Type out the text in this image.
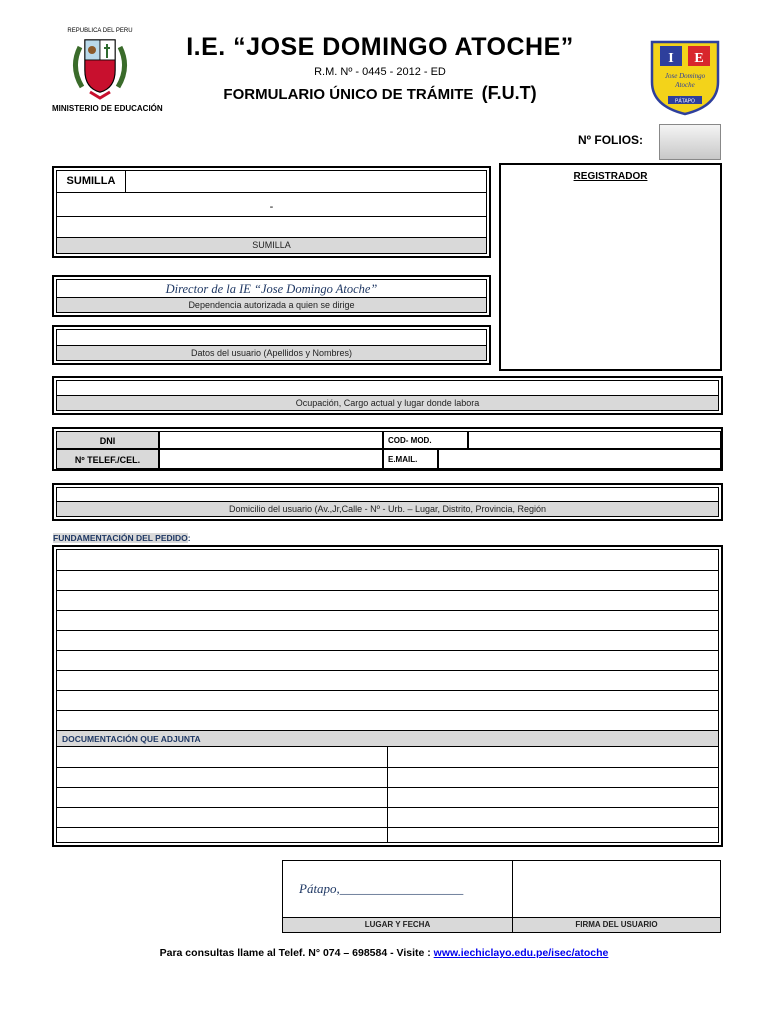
REPUBLICA DEL PERU
MINISTERIO DE EDUCACIÓN
I.E. “JOSE DOMINGO ATOCHE”
R.M. Nº - 0445 - 2012 - ED
FORMULARIO ÚNICO DE TRÁMITE (F.U.T)
I E
Jose Domingo
Atoche
PÁTAPO
Nº FOLIOS:
REGISTRADOR
SUMILLA
-
SUMILLA
Director de la IE “Jose Domingo Atoche”
Dependencia autorizada a quien se dirige
Datos del usuario (Apellidos y Nombres)
Ocupación, Cargo actual y lugar donde labora
DNI	COD- MOD.
Nº TELEF./CEL.	E.MAIL.
Domicilio del usuario (Av.,Jr,Calle - Nº - Urb. – Lugar, Distrito, Provincia, Región
FUNDAMENTACIÓN DEL PEDIDO:
DOCUMENTACIÓN QUE ADJUNTA
Pátapo,___________________
LUGAR Y FECHA	FIRMA DEL USUARIO
Para consultas llame al Telef. N° 074 – 698584 - Visite : www.iechiclayo.edu.pe/isec/atoche
